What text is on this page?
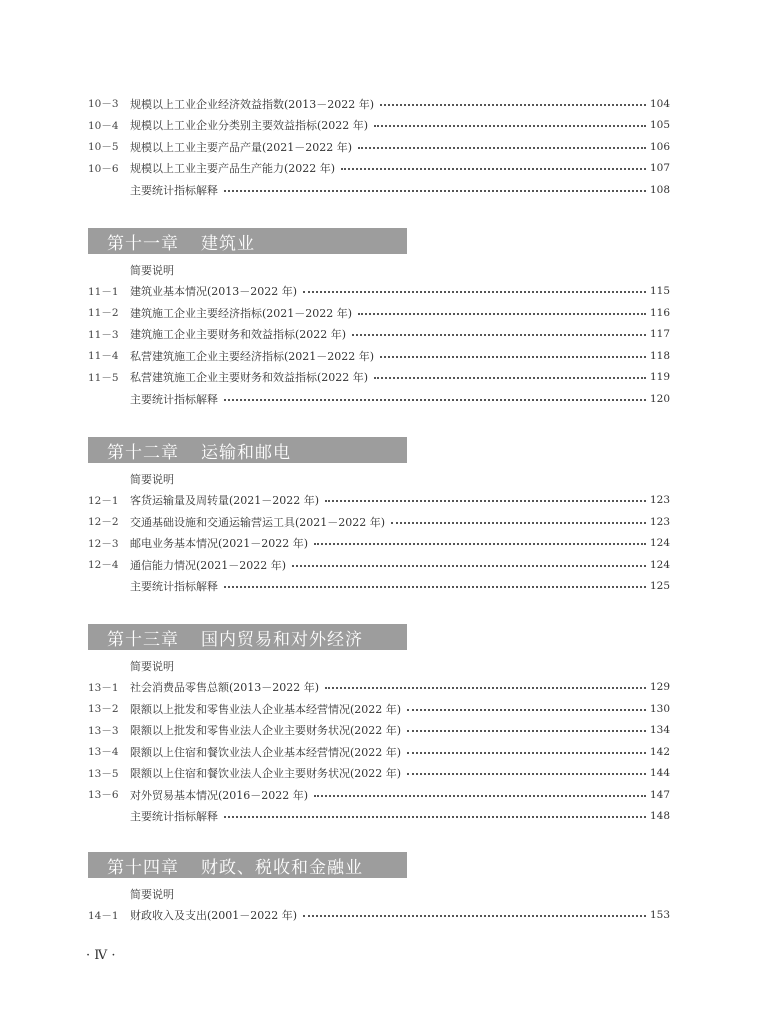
10－3	规模以上工业企业经济效益指数(2013－2022 年)	104
10－4	规模以上工业企业分类别主要效益指标(2022 年)	105
10－5	规模以上工业主要产品产量(2021－2022 年)	106
10－6	规模以上工业主要产品生产能力(2022 年)	107
主要统计指标解释	108
第十一章 建筑业
简要说明
11－1	建筑业基本情况(2013－2022 年)	115
11－2	建筑施工企业主要经济指标(2021－2022 年)	116
11－3	建筑施工企业主要财务和效益指标(2022 年)	117
11－4	私营建筑施工企业主要经济指标(2021－2022 年)	118
11－5	私营建筑施工企业主要财务和效益指标(2022 年)	119
主要统计指标解释	120
第十二章 运输和邮电
简要说明
12－1	客货运输量及周转量(2021－2022 年)	123
12－2	交通基础设施和交通运输营运工具(2021－2022 年)	123
12－3	邮电业务基本情况(2021－2022 年)	124
12－4	通信能力情况(2021－2022 年)	124
主要统计指标解释	125
第十三章 国内贸易和对外经济
简要说明
13－1	社会消费品零售总额(2013－2022 年)	129
13－2	限额以上批发和零售业法人企业基本经营情况(2022 年)	130
13－3	限额以上批发和零售业法人企业主要财务状况(2022 年)	134
13－4	限额以上住宿和餐饮业法人企业基本经营情况(2022 年)	142
13－5	限额以上住宿和餐饮业法人企业主要财务状况(2022 年)	144
13－6	对外贸易基本情况(2016－2022 年)	147
主要统计指标解释	148
第十四章 财政、税收和金融业
简要说明
14－1	财政收入及支出(2001－2022 年)	153
· Ⅳ ·
